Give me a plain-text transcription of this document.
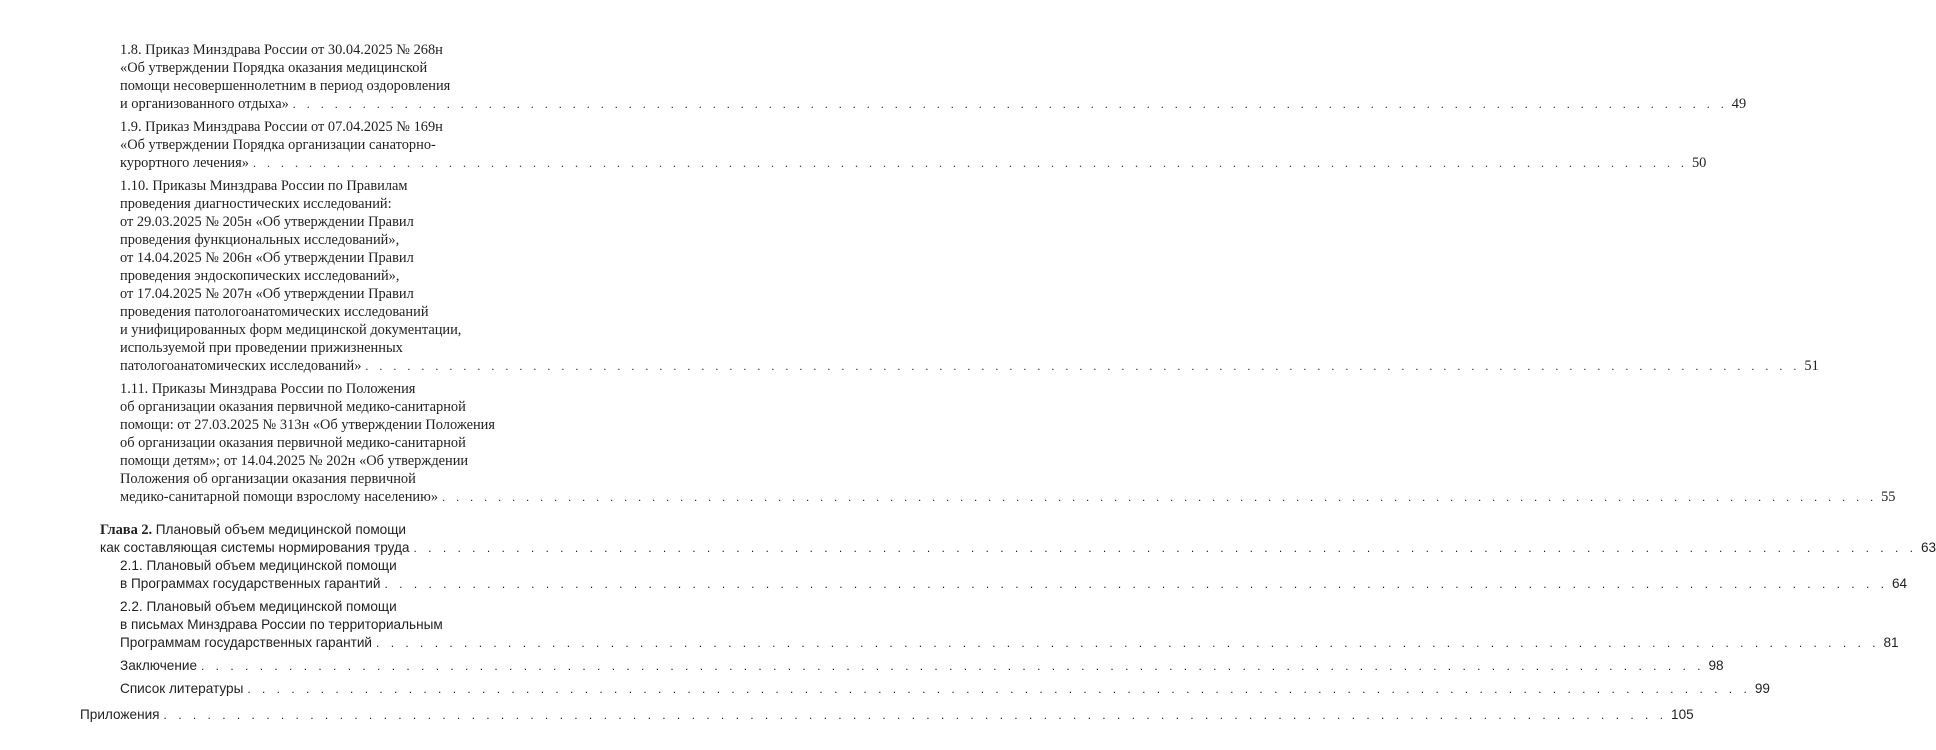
1.8. Приказ Минздрава России от 30.04.2025 № 268н
«Об утверждении Порядка оказания медицинской
помощи несовершеннолетним в период оздоровления
и организованного отдыха» . . . . . . . . . . . . . . . . . . . . . . . . . . . . . . . . . . . . . . . . . . . . . . . . . . . . . . . . . . . . . . . . . . . . . . . . . . . . . . . . . . . . . . . . . . . . . . . . . . . . . . . 49
1.9. Приказ Минздрава России от 07.04.2025 № 169н
«Об утверждении Порядка организации санаторно-
курортного лечения» . . . . . . . . . . . . . . . . . . . . . . . . . . . . . . . . . . . . . . . . . . . . . . . . . . . . . . . . . . . . . . . . . . . . . . . . . . . . . . . . . . . . . . . . . . . . . . . . . . . . . . . 50
1.10. Приказы Минздрава России по Правилам
проведения диагностических исследований:
от 29.03.2025 № 205н «Об утверждении Правил
проведения функциональных исследований»,
от 14.04.2025 № 206н «Об утверждении Правил
проведения эндоскопических исследований»,
от 17.04.2025 № 207н «Об утверждении Правил
проведения патологоанатомических исследований
и унифицированных форм медицинской документации,
используемой при проведении прижизненных
патологоанатомических исследований» . . . . . . . . . . . . . . . . . . . . . . . . . . . . . . . . . . . . . . . . . . . . . . . . . . . . . . . . . . . . . . . . . . . . . . . . . . . . . . . . . . . . . . . . . . . . . . . . . . . . . . . 51
1.11. Приказы Минздрава России по Положения
об организации оказания первичной медико-санитарной
помощи: от 27.03.2025 № 313н «Об утверждении Положения
об организации оказания первичной медико-санитарной
помощи детям»; от 14.04.2025 № 202н «Об утверждении
Положения об организации оказания первичной
медико-санитарной помощи взрослому населению» . . . . . . . . . . . . . . . . . . . . . . . . . . . . . . . . . . . . . . . . . . . . . . . . . . . . . . . . . . . . . . . . . . . . . . . . . . . . . . . . . . . . . . . . . . . . . . . . . . . . . . . 55
Глава 2. Плановый объем медицинской помощи
как составляющая системы нормирования труда . . . . . . . . . . . . . . . . . . . . . . . . . . . . . . . . . . . . . . . . . . . . . . . . . . . . . . . . . . . . . . . . . . . . . . . . . . . . . . . . . . . . . . . . . . . . . . . . . . . . . . . 63
2.1. Плановый объем медицинской помощи
в Программах государственных гарантий . . . . . . . . . . . . . . . . . . . . . . . . . . . . . . . . . . . . . . . . . . . . . . . . . . . . . . . . . . . . . . . . . . . . . . . . . . . . . . . . . . . . . . . . . . . . . . . . . . . . . . . 64
2.2. Плановый объем медицинской помощи
в письмах Минздрава России по территориальным
Программам государственных гарантий . . . . . . . . . . . . . . . . . . . . . . . . . . . . . . . . . . . . . . . . . . . . . . . . . . . . . . . . . . . . . . . . . . . . . . . . . . . . . . . . . . . . . . . . . . . . . . . . . . . . . . . 81
Заключение . . . . . . . . . . . . . . . . . . . . . . . . . . . . . . . . . . . . . . . . . . . . . . . . . . . . . . . . . . . . . . . . . . . . . . . . . . . . . . . . . . . . . . . . . . . . . . . . . . . . . . . 98
Список литературы . . . . . . . . . . . . . . . . . . . . . . . . . . . . . . . . . . . . . . . . . . . . . . . . . . . . . . . . . . . . . . . . . . . . . . . . . . . . . . . . . . . . . . . . . . . . . . . . . . . . . . . 99
Приложения . . . . . . . . . . . . . . . . . . . . . . . . . . . . . . . . . . . . . . . . . . . . . . . . . . . . . . . . . . . . . . . . . . . . . . . . . . . . . . . . . . . . . . . . . . . . . . . . . . . . . . . 105
